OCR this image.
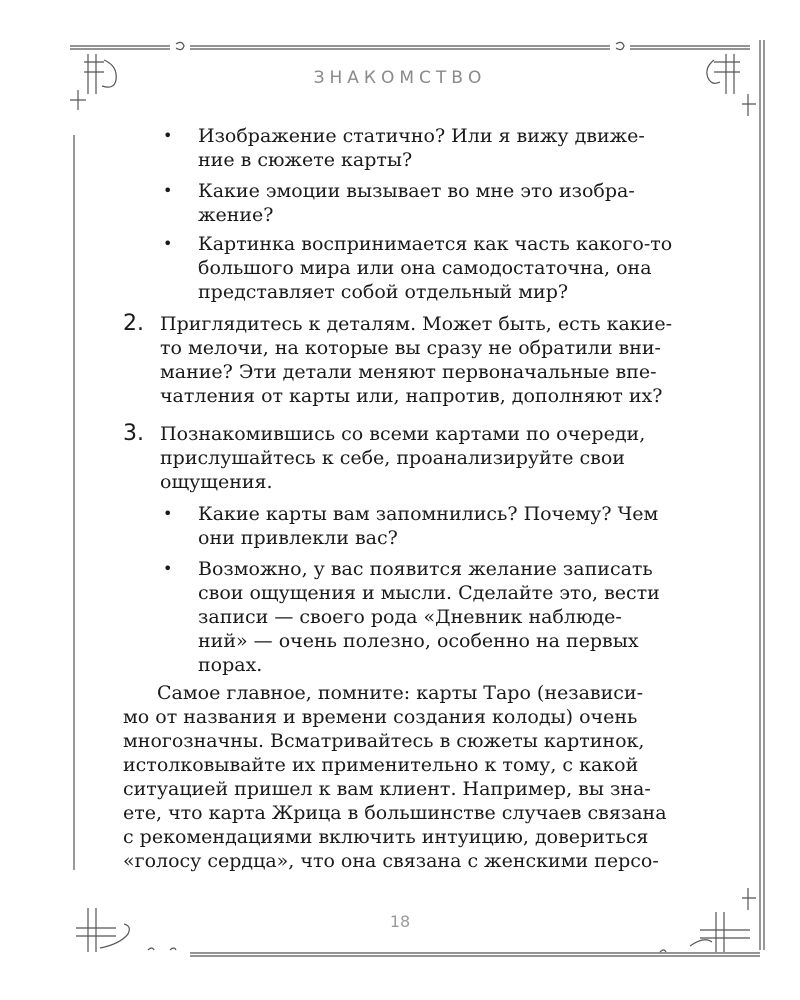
ЗНАКОМСТВО
• Изображение статично? Или я вижу движе-
ние в сюжете карты?
• Какие эмоции вызывает во мне это изобра-
жение?
• Картинка воспринимается как часть какого-то
большого мира или она самодостаточна, она
представляет собой отдельный мир?
2. Приглядитесь к деталям. Может быть, есть какие-
то мелочи, на которые вы сразу не обратили вни-
мание? Эти детали меняют первоначальные впе-
чатления от карты или, напротив, дополняют их?
3. Познакомившись со всеми картами по очереди,
прислушайтесь к себе, проанализируйте свои
ощущения.
• Какие карты вам запомнились? Почему? Чем
они привлекли вас?
• Возможно, у вас появится желание записать
свои ощущения и мысли. Сделайте это, вести
записи — своего рода «Дневник наблюде-
ний» — очень полезно, особенно на первых
порах.
Самое главное, помните: карты Таро (независи-
мо от названия и времени создания колоды) очень
многозначны. Всматривайтесь в сюжеты картинок,
истолковывайте их применительно к тому, с какой
ситуацией пришел к вам клиент. Например, вы зна-
ете, что карта Жрица в большинстве случаев связана
с рекомендациями включить интуицию, довериться
«голосу сердца», что она связана с женскими персо-
18
